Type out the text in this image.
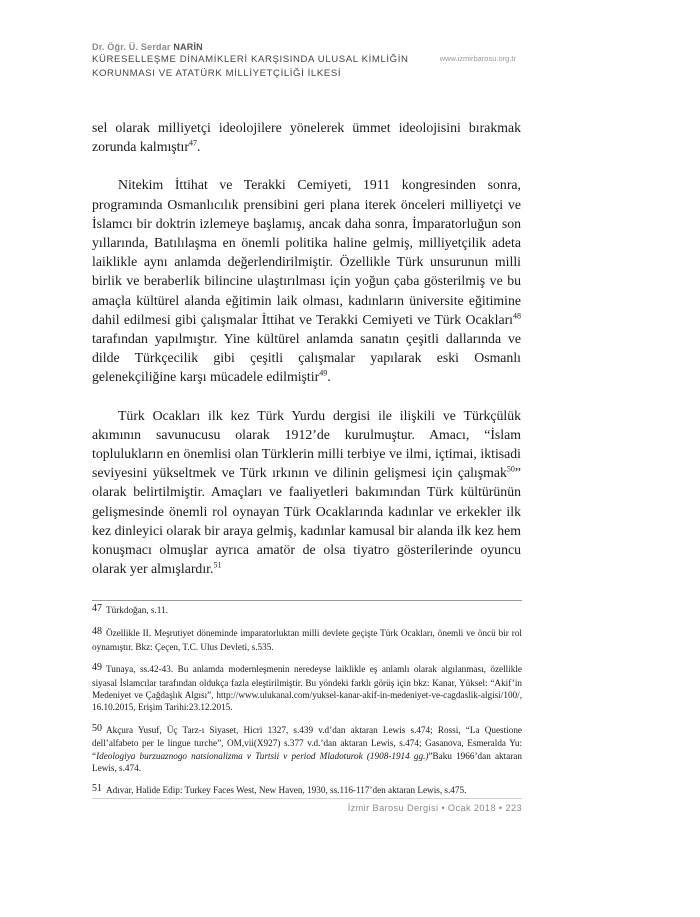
Dr. Öğr. Ü. Serdar NARİN
KÜRESELLEŞME DİNAMİKLERİ KARŞISINDA ULUSAL KİMLİĞİN
KORUNMASI VE ATATÜRK MİLLİYETÇİLİĞİ İLKESİ
www.izmirbarosu.org.tr

sel olarak milliyetçi ideolojilere yönelerek ümmet ideolojisini bırakmak zorunda kalmıştır$^{47}$.

Nitekim İttihat ve Terakki Cemiyeti, 1911 kongresinden sonra, programında Osmanlıcılık prensibini geri plana iterek önceleri milliyetçi ve İslamcı bir doktrin izlemeye başlamış, ancak daha sonra, İmparatorluğun son yıllarında, Batılılaşma en önemli politika haline gelmiş, milliyetçilik adeta laiklikle aynı anlamda değerlendirilmiştir. Özellikle Türk unsurunun milli birlik ve beraberlik bilincine ulaştırılması için yoğun çaba gösterilmiş ve bu amaçla kültürel alanda eğitimin laik olması, kadınların üniversite eğitimine dahil edilmesi gibi çalışmalar İttihat ve Terakki Cemiyeti ve Türk Ocakları$^{48}$ tarafından yapılmıştır. Yine kültürel anlamda sanatın çeşitli dallarında ve dilde Türkçecilik gibi çeşitli çalışmalar yapılarak eski Osmanlı gelenekçiliğine karşı mücadele edilmiştir$^{49}$.

Türk Ocakları ilk kez Türk Yurdu dergisi ile ilişkili ve Türkçülük akımının savunucusu olarak 1912’de kurulmuştur. Amacı, “İslam toplulukların en önemlisi olan Türklerin milli terbiye ve ilmi, içtimai, iktisadi seviyesini yükseltmek ve Türk ırkının ve dilinin gelişmesi için çalışmak$^{50}$” olarak belirtilmiştir. Amaçları ve faaliyetleri bakımından Türk kültürünün gelişmesinde önemli rol oynayan Türk Ocaklarında kadınlar ve erkekler ilk kez dinleyici olarak bir araya gelmiş, kadınlar kamusal bir alanda ilk kez hem konuşmacı olmuşlar ayrıca amatör de olsa tiyatro gösterilerinde oyuncu olarak yer almışlardır.$^{51}$

47 Türkdoğan, s.11.
48 Özellikle II. Meşrutiyet döneminde imparatorluktan milli devlete geçişte Türk Ocakları, önemli ve öncü bir rol oynamıştır. Bkz: Çeçen, T.C. Ulus Devleti, s.535.
49 Tunaya, ss.42-43. Bu anlamda modernleşmenin neredeyse laiklikle eş anlamlı olarak algılanması, özellikle siyasal İslamcılar tarafından oldukça fazla eleştirilmiştir. Bu yöndeki farklı görüş için bkz: Kanar, Yüksel: “Akif’in Medeniyet ve Çağdaşlık Algısı”, http://www.ulukanal.com/yuksel-kanar-akif-in-medeniyet-ve-cagdaslik-algisi/100/, 16.10.2015, Erişim Tarihi:23.12.2015.
50 Akçura Yusuf, Üç Tarz-ı Siyaset, Hicri 1327, s.439 v.d’dan aktaran Lewis s.474; Rossi, “La Questione dell’alfabeto per le lingue turche”, OM,vii(X927) s.377 v.d.’dan aktaran Lewis, s.474; Gasanova, Esmeralda Yu: “Ideologiya burzuaznogo natsionalizma v Turtsii v period Mladoturok (1908-1914 gg.)”Baku 1966’dan aktaran Lewis, s.474.
51 Adıvar, Halide Edip: Turkey Faces West, New Haven, 1930, ss.116-117’den aktaran Lewis, s.475.
İzmir Barosu Dergisi • Ocak 2018 • 223
